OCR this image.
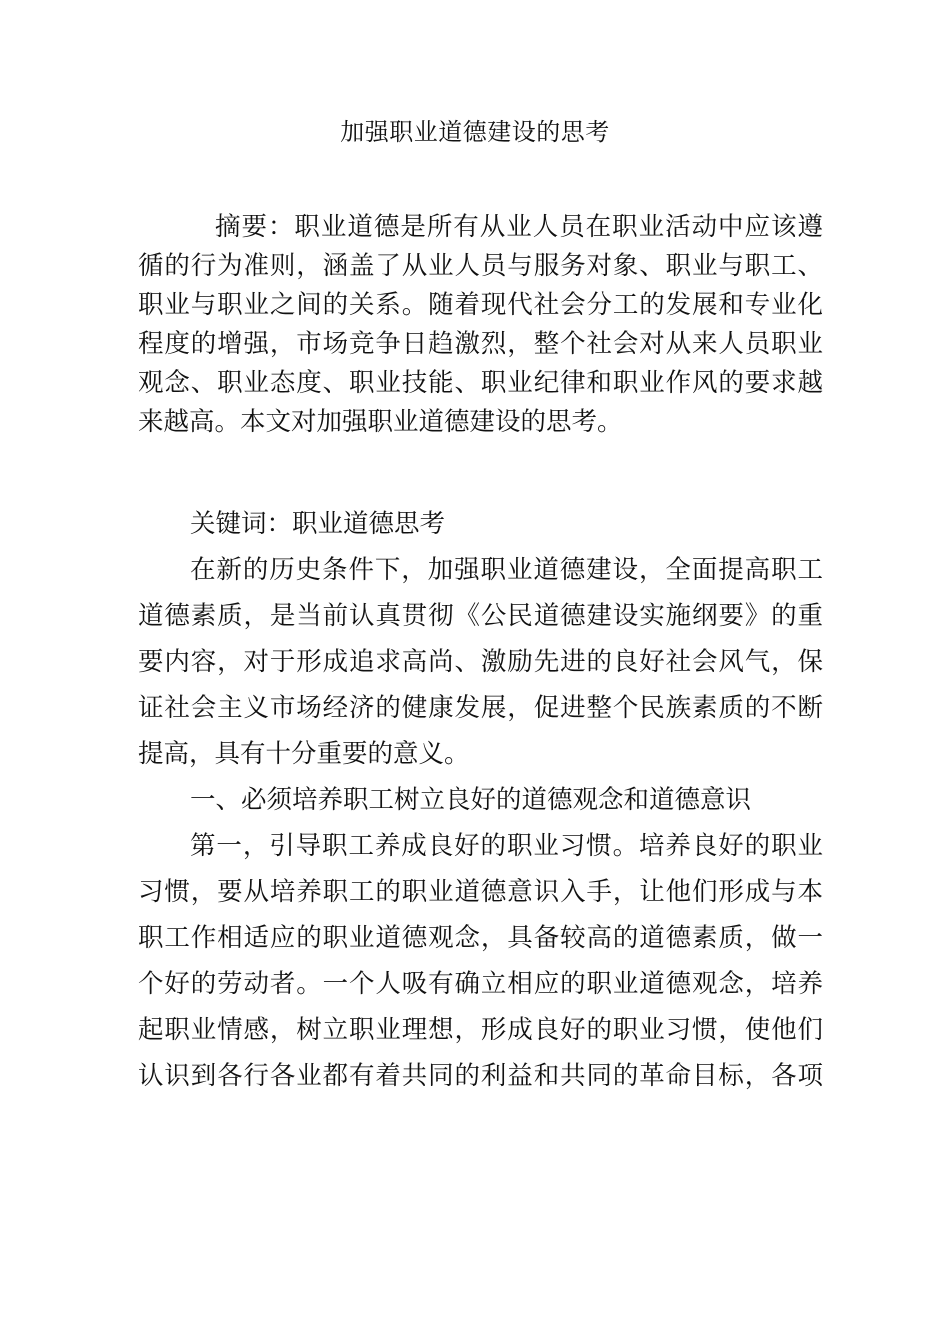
加强职业道德建设的思考
摘要：职业道德是所有从业人员在职业活动中应该遵
循的行为准则，涵盖了从业人员与服务对象、职业与职工、
职业与职业之间的关系。随着现代社会分工的发展和专业化
程度的增强，市场竞争日趋激烈，整个社会对从来人员职业
观念、职业态度、职业技能、职业纪律和职业作风的要求越
来越高。本文对加强职业道德建设的思考。
关键词：职业道德思考
在新的历史条件下，加强职业道德建设，全面提高职工
道德素质，是当前认真贯彻《公民道德建设实施纲要》的重
要内容，对于形成追求高尚、激励先进的良好社会风气，保
证社会主义市场经济的健康发展，促进整个民族素质的不断
提高，具有十分重要的意义。
一、必须培养职工树立良好的道德观念和道德意识
第一，引导职工养成良好的职业习惯。培养良好的职业
习惯，要从培养职工的职业道德意识入手，让他们形成与本
职工作相适应的职业道德观念，具备较高的道德素质，做一
个好的劳动者。一个人吸有确立相应的职业道德观念，培养
起职业情感，树立职业理想，形成良好的职业习惯，使他们
认识到各行各业都有着共同的利益和共同的革命目标，各项
